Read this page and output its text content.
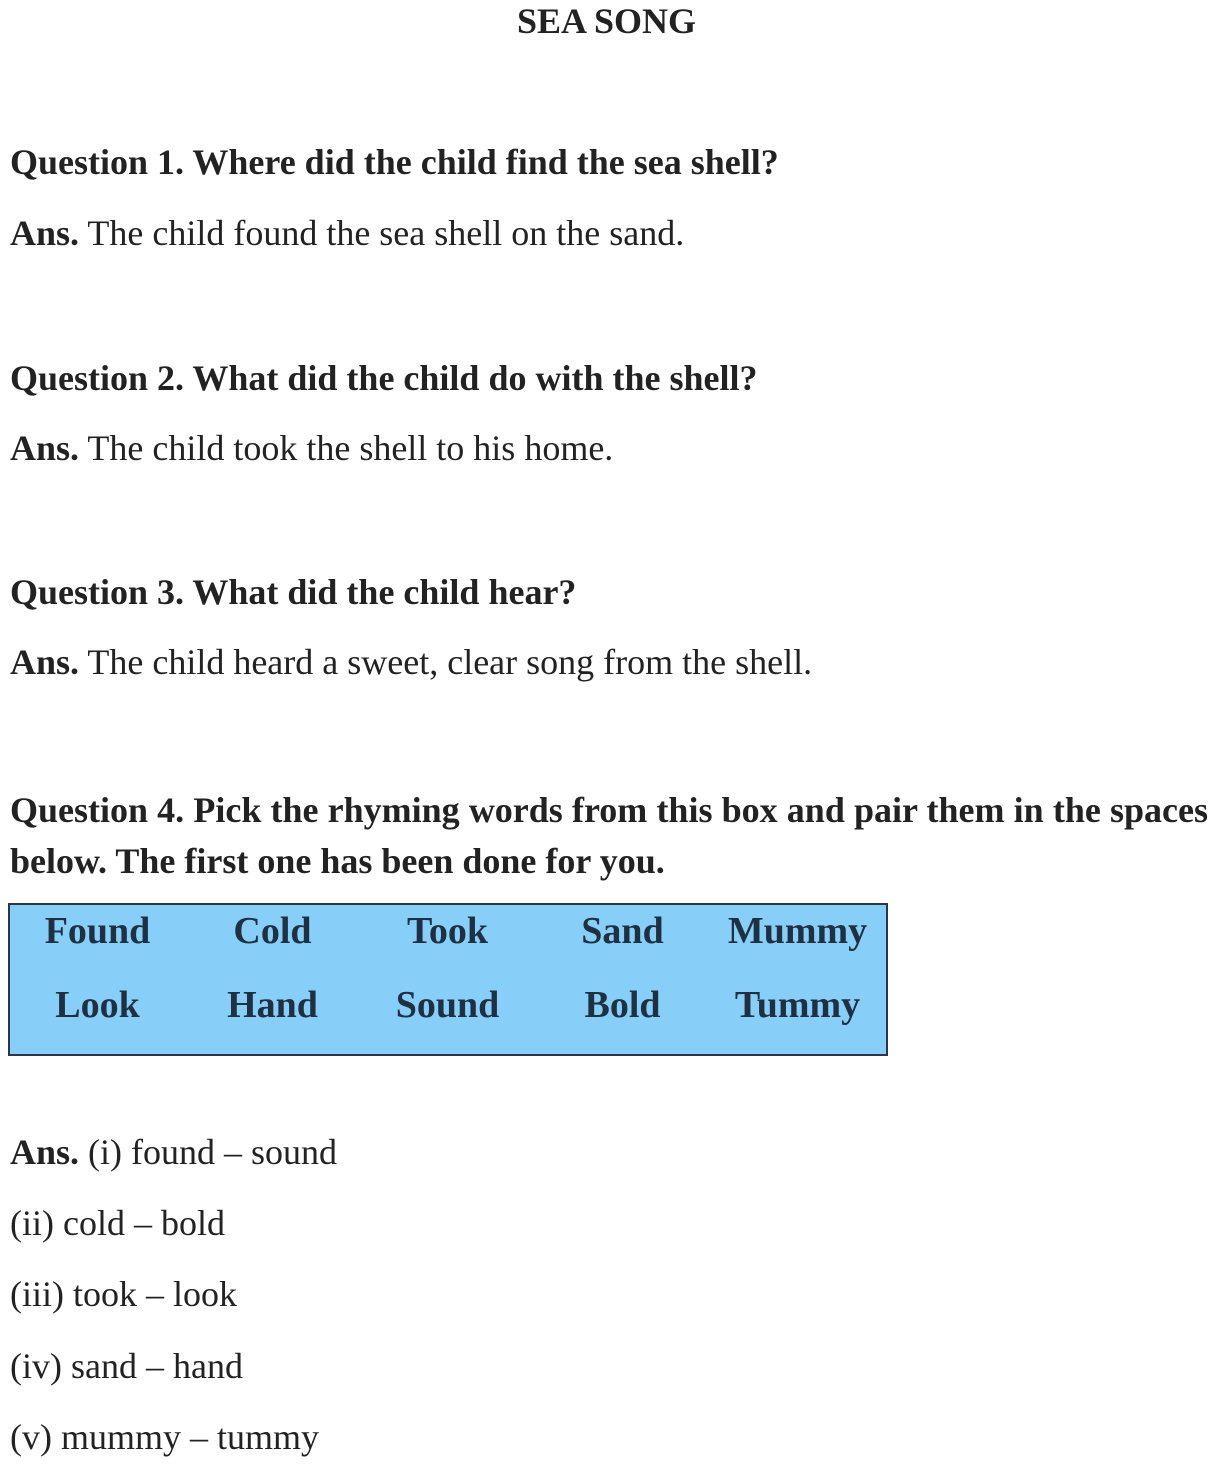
SEA SONG
Question 1. Where did the child find the sea shell?
Ans. The child found the sea shell on the sand.
Question 2. What did the child do with the shell?
Ans. The child took the shell to his home.
Question 3. What did the child hear?
Ans. The child heard a sweet, clear song from the shell.
Question 4. Pick the rhyming words from this box and pair them in the spaces below. The first one has been done for you.
Found	Cold	Took	Sand	Mummy
Look	Hand	Sound	Bold	Tummy
Ans. (i) found – sound
(ii) cold – bold
(iii) took – look
(iv) sand – hand
(v) mummy – tummy
